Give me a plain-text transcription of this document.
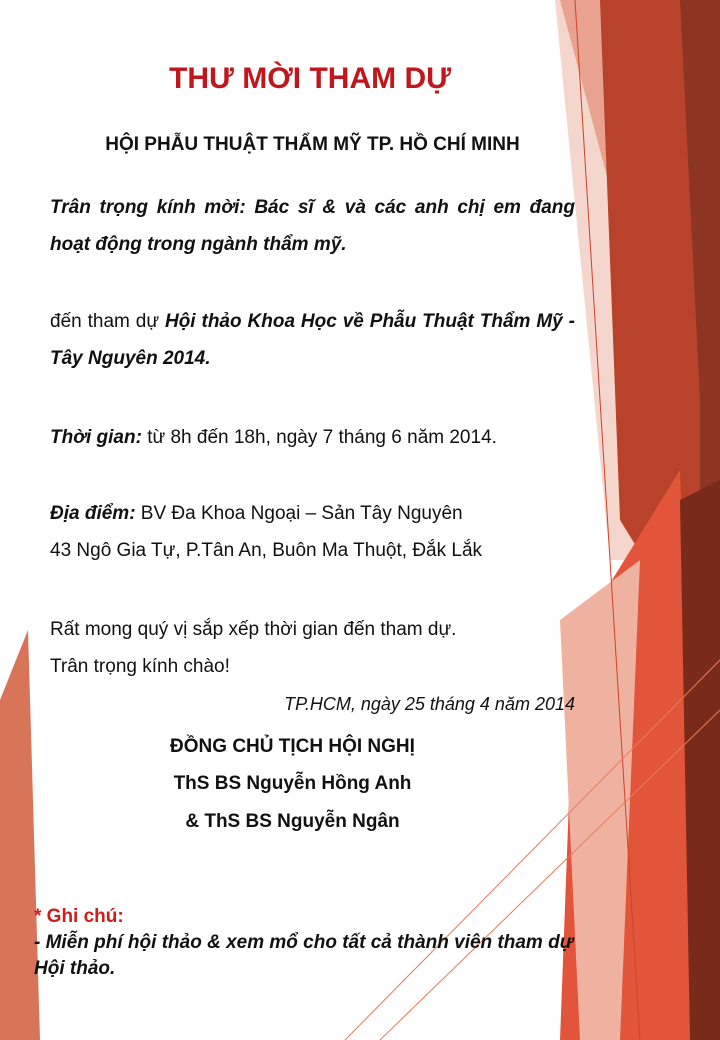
THƯ MỜI THAM DỰ
HỘI PHẪU THUẬT THẨM MỸ TP. HỒ CHÍ MINH
Trân trọng kính mời: Bác sĩ & và các anh chị em đang hoạt động trong ngành thẩm mỹ.
đến tham dự Hội thảo Khoa Học về Phẫu Thuật Thẩm Mỹ - Tây Nguyên 2014.
Thời gian: từ 8h đến 18h, ngày 7 tháng 6 năm 2014.
Địa điểm: BV Đa Khoa Ngoại – Sản Tây Nguyên
43 Ngô Gia Tự, P.Tân An, Buôn Ma Thuột, Đắk Lắk
Rất mong quý vị sắp xếp thời gian đến tham dự.
Trân trọng kính chào!
TP.HCM, ngày 25 tháng 4 năm 2014
ĐỒNG CHỦ TỊCH HỘI NGHỊ
ThS BS Nguyễn Hồng Anh
& ThS BS Nguyễn Ngân
* Ghi chú:
- Miễn phí hội thảo & xem mổ cho tất cả thành viên tham dự Hội thảo.
